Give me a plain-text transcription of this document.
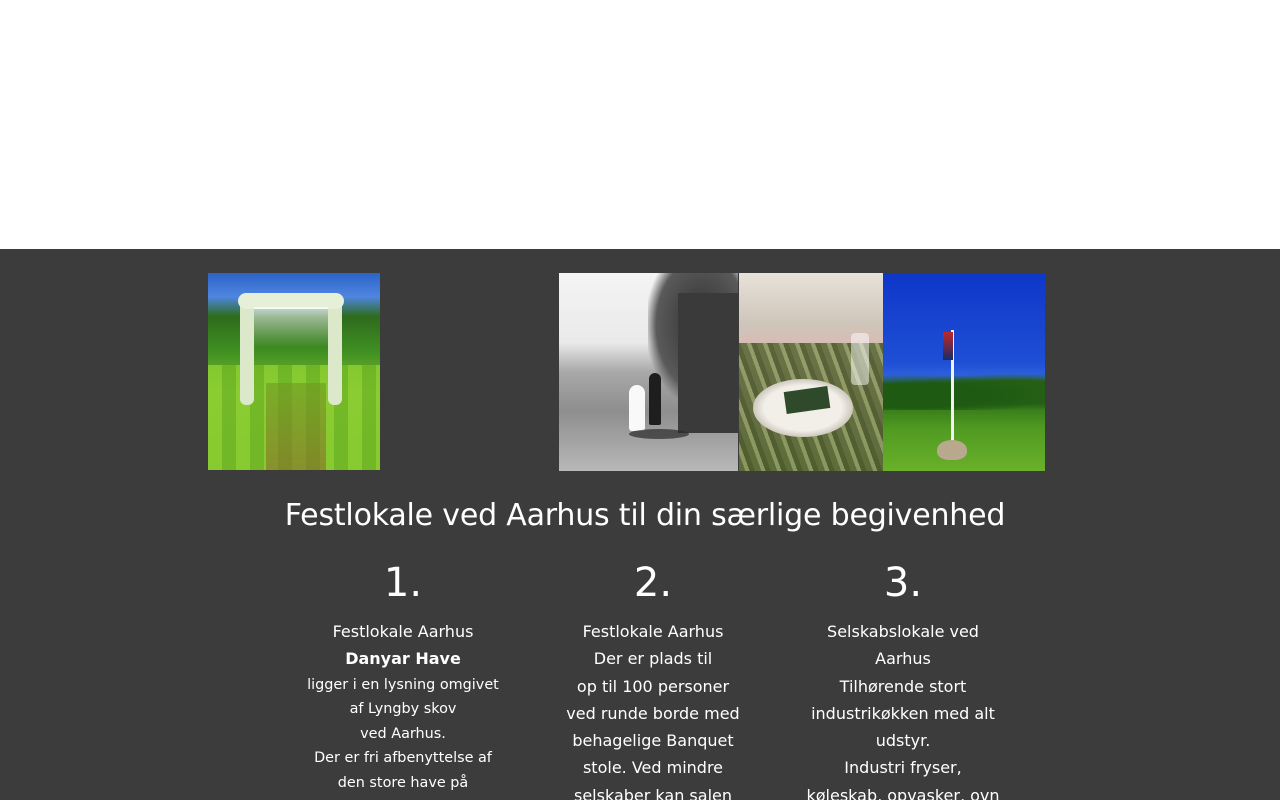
Festlokale ved Aarhus til din særlige begivenhed
1.
Festlokale Aarhus
Danyar Have
ligger i en lysning omgivet
af Lyngby skov
ved Aarhus.
Der er fri afbenyttelse af
den store have på
2.
Festlokale Aarhus
Der er plads til
op til 100 personer
ved runde borde med
behagelige Banquet
stole. Ved mindre
selskaber kan salen
3.
Selskabslokale ved
Aarhus
Tilhørende stort
industrikøkken med alt
udstyr.
Industri fryser,
køleskab, opvasker, ovn
